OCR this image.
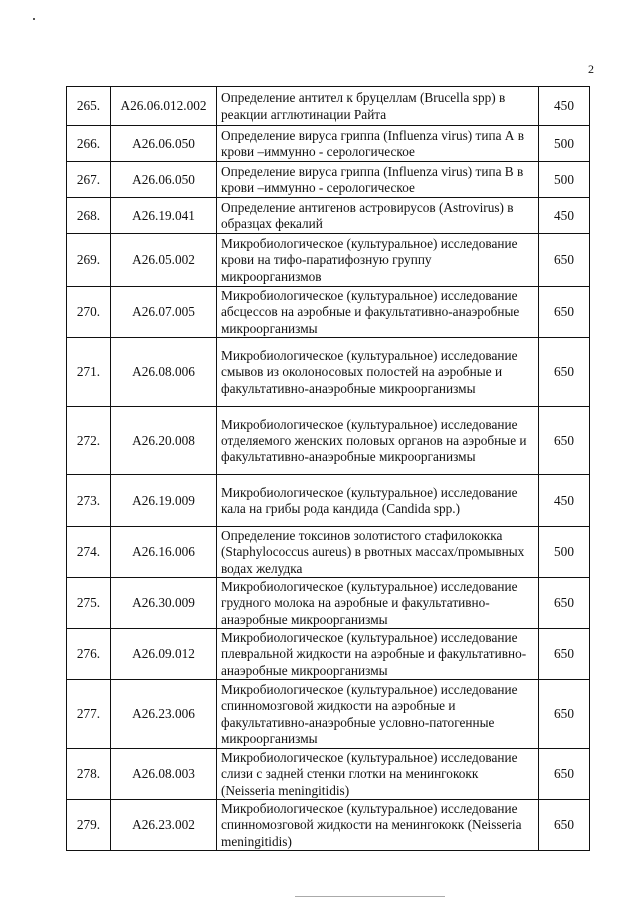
2
265.	A26.06.012.002	Определение антител к бруцеллам (Brucella spp) в реакции агглютинации Райта	450
266.	A26.06.050	Определение вируса гриппа (Influenza virus) типа А в крови –иммунно - серологическое	500
267.	A26.06.050	Определение вируса гриппа (Influenza virus) типа В в крови –иммунно - серологическое	500
268.	A26.19.041	Определение антигенов астровирусов (Astrovirus) в образцах фекалий	450
269.	A26.05.002	Микробиологическое (культуральное) исследование крови на тифо-паратифозную группу микроорганизмов	650
270.	A26.07.005	Микробиологическое (культуральное) исследование абсцессов на аэробные и факультативно-анаэробные микроорганизмы	650
271.	A26.08.006	Микробиологическое (культуральное) исследование смывов из околоносовых полостей на аэробные и факультативно-анаэробные микроорганизмы	650
272.	A26.20.008	Микробиологическое (культуральное) исследование отделяемого женских половых органов на аэробные и факультативно-анаэробные микроорганизмы	650
273.	A26.19.009	Микробиологическое (культуральное) исследование кала на грибы рода кандида (Candida spp.)	450
274.	A26.16.006	Определение токсинов золотистого стафилококка (Staphylococcus aureus) в рвотных массах/промывных водах желудка	500
275.	A26.30.009	Микробиологическое (культуральное) исследование грудного молока на аэробные и факультативно-анаэробные микроорганизмы	650
276.	A26.09.012	Микробиологическое (культуральное) исследование плевральной жидкости на аэробные и факультативно-анаэробные микроорганизмы	650
277.	A26.23.006	Микробиологическое (культуральное) исследование спинномозговой жидкости на аэробные и факультативно-анаэробные условно-патогенные микроорганизмы	650
278.	A26.08.003	Микробиологическое (культуральное) исследование слизи с задней стенки глотки на менингококк (Neisseria meningitidis)	650
279.	A26.23.002	Микробиологическое (культуральное) исследование спинномозговой жидкости на менингококк (Neisseria meningitidis)	650
